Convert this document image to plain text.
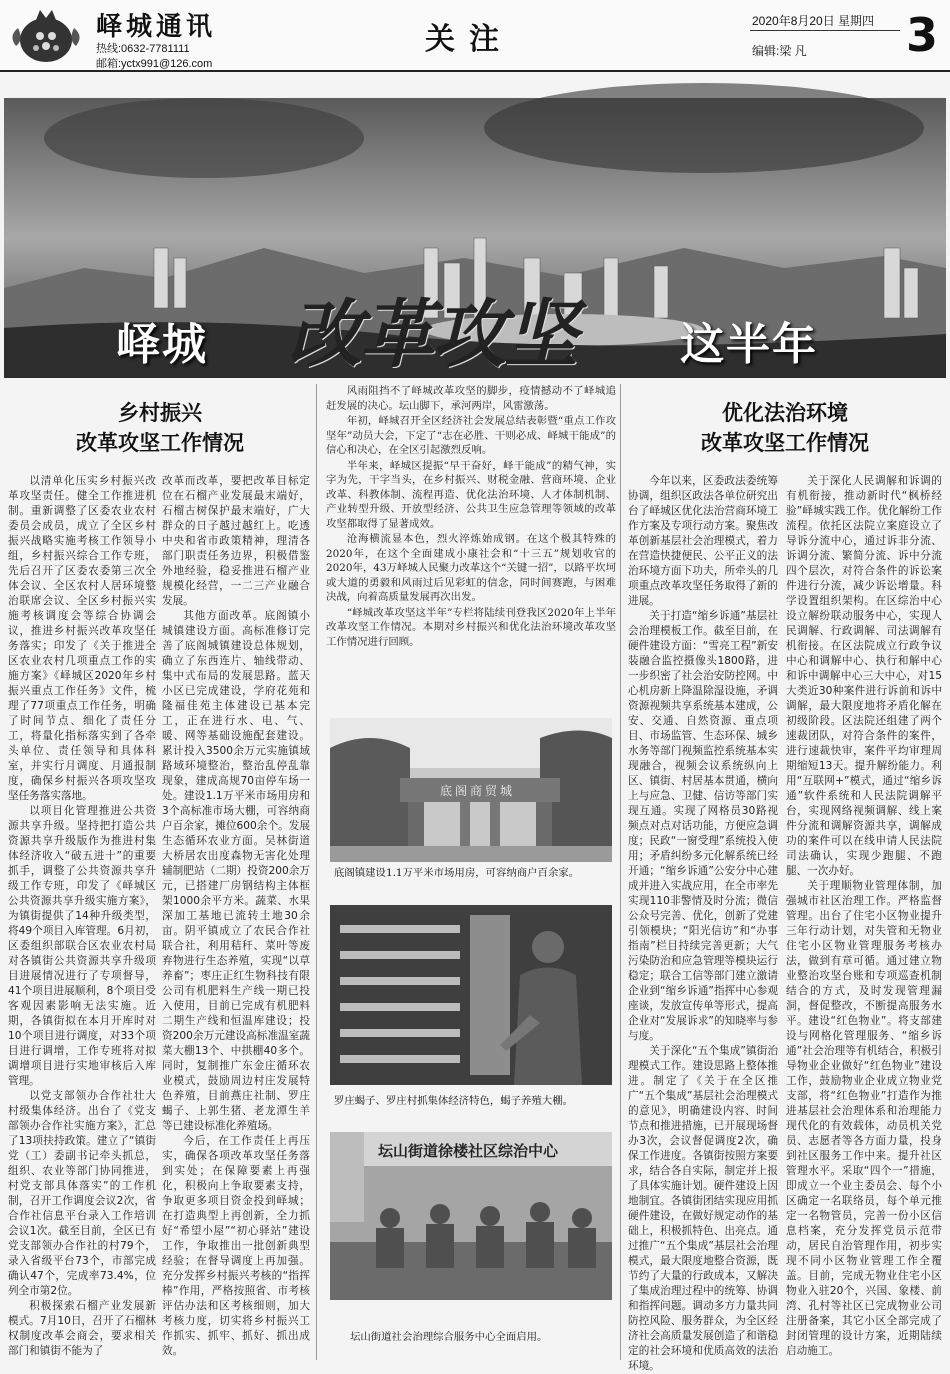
峄城通讯
热线:0632-7781111
邮箱:yctx991@126.com
关注
2020年8月20日 星期四
编辑:梁 凡 3
峄城 改革攻坚 这半年
乡村振兴
改革攻坚工作情况

以清单化压实乡村振兴改革攻坚责任。健全工作推进机制。重新调整了区委农业农村委员会成员，成立了全区乡村振兴战略实施考核工作领导小组，乡村振兴综合工作专班，先后召开了区委农委第三次全体会议、全区农村人居环境整治联席会议、全区乡村振兴实施考核调度会等综合协调会议，推进乡村振兴改革攻坚任务落实；印发了《关于推进全区农业农村几项重点工作的实施方案》《峄城区2020年乡村振兴重点工作任务》文件，梳理了77项重点工作任务，明确了时间节点、细化了责任分工，将量化指标落实到了各牵头单位、责任领导和具体科室，并实行月调度、月通报制度，确保乡村振兴各项攻坚攻坚任务落实落地。

以项目化管理推进公共资源共享升级。坚持把打造公共资源共享升级版作为推进村集体经济收入“破五进十”的重要抓手，调整了公共资源共享升级工作专班，印发了《峄城区公共资源共享升级实施方案》，为镇街提供了14种升级类型，将49个项目入库管理。6月初，区委组织部联合区农业农村局对各镇街公共资源共享升级项目进展情况进行了专项督导，41个项目进展顺利，8个项目受客观因素影响无法实施。近期，各镇街拟在本月开库时对10个项目进行调度，对33个项目进行调增，工作专班将对拟调增项目进行实地审核后入库管理。

以党支部领办合作社壮大村级集体经济。出台了《党支部领办合作社实施方案》，汇总了13项扶持政策。建立了“镇街党（工）委副书记牵头抓总，组织、农业等部门协同推进，村党支部具体落实”的工作机制，召开工作调度会议2次，省合作社信息平台录入工作培训会议1次。截至目前，全区已有党支部领办合作社的村79个，录入省级平台73个，市部完成确认47个，完成率73.4%，位列全市第2位。

积极探索石榴产业发展新模式。7月10日，召开了石榴林权制度改革会商会，要求相关部门和镇街不能为了

改革而改革，要把改革目标定位在石榴产业发展最末端好，石榴古树保护最末端好，广大群众的日子越过越红上。吃透中央和省市政策精神，理清各部门职责任务边界，积极借鉴外地经验，稳妥推进石榴产业规模化经营，一二三产业融合发展。

其他方面改革。底阁镇小城镇建设方面。高标准修订完善了底阁城镇建设总体规划，确立了东西连片、轴线带动、集中式布局的发展思路。蓝天小区已完成建设，学府花苑和隆福佳苑主体建设已基本完工，正在进行水、电、气、暖、网等基础设施配套建设。累计投入3500余万元实施镇域路域环境整治，整治乱停乱靠现象，建成高规70亩停车场一处。建设1.1万平米市场用房和3个高标准市场大棚，可容纳商户百余家，摊位600余个。发展生态循环农业方面。吴林街道大桥居农出度森物无害化处理辅制肥站（二期）投资200余万元，已搭建厂房钢结构主体框架1000余平方米。蔬菜、水果深加工基地已流转土地30余亩。阴平镇成立了农民合作社联合社，利用秸秆、菜叶等废弃物进行生态养殖，实现“以草养畜”；枣庄正红生物科技有限公司有机肥料生产线一期已投入使用，目前已完成有机肥料二期生产线和恒温库建设；投资200余万元建设高标准温室蔬菜大棚13个、中拱棚40多个。同时，复制推广东金庄循环农业模式，鼓励周边村庄发展特色养殖，目前燕庄社制、罗庄蝎子、上郭生猪、老龙潭生羊等已建设标准化养殖场。

今后，在工作责任上再压实，确保各项改革攻坚任务落到实处；在保障要素上再强化，积极向上争取要素支持，争取更多项目资金投到峄城；在打造典型上再创新，全力抓好“希望小屋”“初心驿站”建设工作，争取推出一批创新典型经验；在督导调度上再加强。充分发挥乡村振兴考核的“指挥棒”作用，严格按照省、市考核评估办法和区考核细则，加大考核力度，切实将乡村振兴工作抓实、抓牢、抓好、抓出成效。

风雨阻挡不了峄城改革攻坚的脚步，疫情撼动不了峄城追赶发展的决心。坛山脚下，承河两岸，风雷激荡。

年初，峄城召开全区经济社会发展总结表彰暨“重点工作攻坚年”动员大会，下定了“志在必胜、干则必成、峄城干能成”的信心和决心，在全区引起激烈反响。

半年来，峄城区提振“早干奋好，峄干能成”的精气神，实字为先，干字当头，在乡村振兴、财税金融、营商环境、企业改革、科教体制、流程再造、优化法治环境、人才体制机制、产业转型升级、开放型经济、公共卫生应急管理等领域的改革攻坚都取得了显著成效。

沧海横流显本色，烈火淬炼始成钢。在这个极其特殊的2020年，在这个全面建成小康社会和“十三五”规划收官的2020年，43万峄城人民聚力改革这个“关键一招”，以路平坎坷或大道的勇毅和风雨过后见彩虹的信念，同时间赛跑，与困难决战，向着高质量发展再次出发。

“峄城改革攻坚这半年”专栏将陆续刊登我区2020年上半年改革攻坚工作情况。本期对乡村振兴和优化法治环境改革攻坚工作情况进行回顾。

底阁商贸城
底阁镇建设1.1万平米市场用房，可容纳商户百余家。
罗庄蝎子、罗庄村抓集体经济特色，蝎子养殖大棚。
坛山街道徐楼社区综治中心
坛山街道社会治理综合服务中心全面启用。
优化法治环境
改革攻坚工作情况

今年以来，区委政法委统筹协调，组织区政法各单位研究出台了峄城区优化法治营商环境工作方案及专项行动方案。聚焦改革创新基层社会治理模式，着力在营造快捷便民、公平正义的法治环境方面下功夫，所牵头的几项重点改革攻坚任务取得了新的进展。

关于打造“缩乡诉通”基层社会治理模板工作。截至目前，在硬件建设方面：“雪亮工程”新安装融合监控摄像头1800路，进一步织密了社会治安防控网。中心机房新上降温除湿设施，矛调资源视频共享系统基本建成，公安、交通、自然资源、重点项目、市场监管、生态环保、城乡水务等部门视频监控系统基本实现融合，视频会议系统纵向上区、镇街、村居基本贯通，横向上与应急、卫健、信访等部门实现互通。实现了网格员30路视频点对点对话功能，方便应急调度；民政“一窗受理”系统投入使用；矛盾纠纷多元化解系统已经开通；“缩乡诉通”公安分中心建成并进入实战应用，在全市率先实现110非警情及时分流；微信公众号完善、优化，创新了党建引领模块；“阳光信访”和“办事指南”栏目持续完善更新；大气污染防治和应急管理等模块运行稳定；联合工信等部门建立激请企业到“缩乡诉通”指挥中心参观座谈，发放宣传单等形式，提高企业对“发展诉求”的知晓率与参与度。

关于深化“五个集成”镇街治理模式工作。建设思路上整体推进。制定了《关于在全区推广“五个集成”基层社会治理模式的意见》，明确建设内容、时间节点和推进措施，已开展现场督办3次，会议督促调度2次，确保工作进度。各镇街按照方案要求，结合各自实际，制定并上报了具体实施计划。硬件建设上因地制宜。各镇街团结实现应用抓硬件建设，在做好规定动作的基础上，积极抓特色、出亮点。通过推广“五个集成”基层社会治理模式，最大限度地整合资源，既节约了大量的行政成本，又解决了集成治理过程中的统筹、协调和指挥问题。调动多方力量共同防控风险、服务群众，为全区经济社会高质量发展创造了和谐稳定的社会环境和优质高效的法治环境。

关于深化人民调解和诉调的有机衔接，推动新时代“枫桥经验”峄城实践工作。优化解纷工作流程。依托区法院立案庭设立了导诉分流中心，通过诉非分流、诉调分流、繁简分流、诉中分流四个层次，对符合条件的诉讼案件进行分流，减少诉讼增量。科学设置组织架构。在区综治中心设立解纷联动服务中心，实现人民调解、行政调解、司法调解有机衔接。在区法院成立行政争议中心和调解中心、执行和解中心和诉中调解中心三大中心，对15大类近30种案件进行诉前和诉中调解，最大限度地将矛盾化解在初级阶段。区法院还组建了两个速裁团队，对符合条件的案件，进行速裁快审，案件平均审理周期缩短13天。提升解纷能力。利用“互联网+”模式，通过“缩乡诉通”软件系统和人民法院调解平台，实现网络视频调解、线上案件分流和调解资源共享，调解成功的案件可以在线申请人民法院司法确认，实现少跑腿、不跑腿、一次办好。

关于理顺物业管理体制，加强城市社区治理工作。严格监督管理。出台了住宅小区物业提升三年行动计划，对失管和无物业住宅小区物业管理服务考核办法，做到有章可循。通过建立物业整治攻坚台账和专项巡查机制结合的方式，及时发现管理漏洞，督促整改，不断提高服务水平。建设“红色物业”。将支部建设与网格化管理服务、“缩乡诉通”社会治理等有机结合，积极引导物业企业做好“红色物业”建设工作，鼓励物业企业成立物业党支部，将“红色物业”打造作为推进基层社会治理体系和治理能力现代化的有效载体，动员机关党员、志愿者等各方面力量，投身到社区服务工作中来。提升社区管理水平。采取“四个一”措施，即成立一个业主委员会、每个小区确定一名联络员，每个单元推定一名物管员，完善一份小区信息档案，充分发挥党员示范带动，居民自治管理作用，初步实现不同小区物业管理工作全覆盖。目前，完成无物业住宅小区物业入驻20个，兴国、象楼、前湾、孔村等社区已完成物业公司注册备案，其它小区全部完成了封闭管理的设计方案，近期陆续启动施工。
